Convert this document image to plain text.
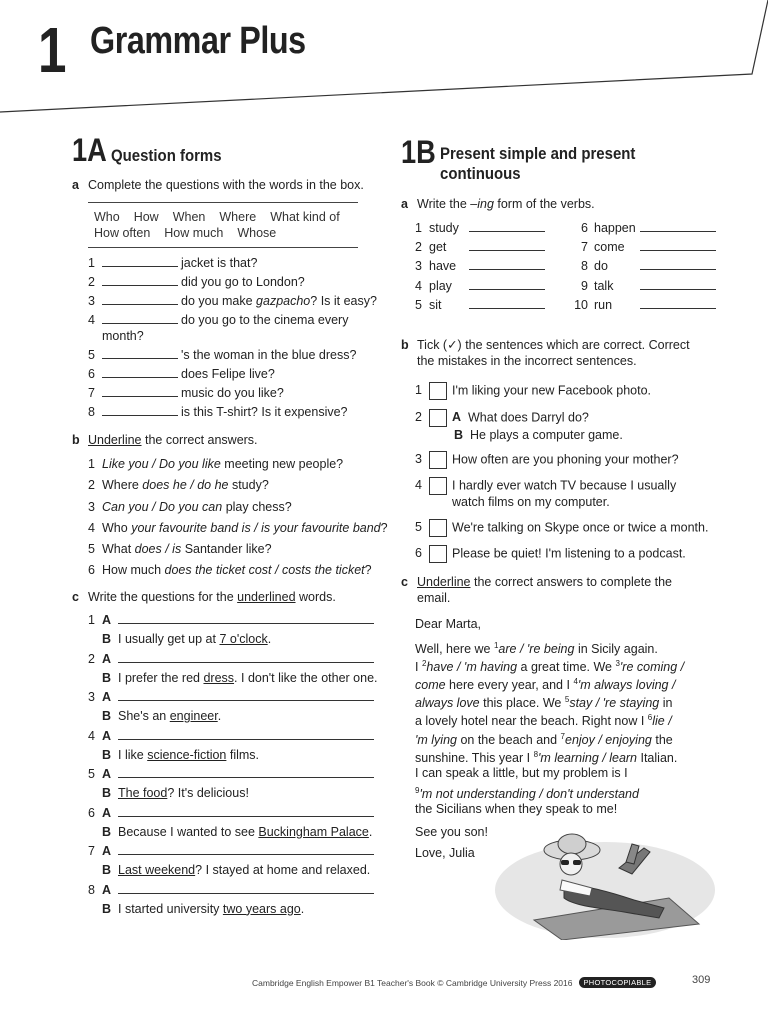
1 Grammar Plus
1A Question forms
a Complete the questions with the words in the box.
Who How When Where What kind of
How often How much Whose
1	jacket is that?
2	did you go to London?
3	do you make gazpacho? Is it easy?
4	do you go to the cinema every
month?
5	's the woman in the blue dress?
6	does Felipe live?
7	music do you like?
8	is this T-shirt? Is it expensive?
b Underline the correct answers.
1 Like you / Do you like meeting new people?
2 Where does he / do he study?
3 Can you / Do you can play chess?
4 Who your favourite band is / is your favourite band?
5 What does / is Santander like?
6 How much does the ticket cost / costs the ticket?
c Write the questions for the underlined words.
1 A
B I usually get up at 7 o'clock.
2 A
B I prefer the red dress. I don't like the other one.
3 A
B She's an engineer.
4 A
B I like science-fiction films.
5 A
B The food? It's delicious!
6 A
B Because I wanted to see Buckingham Palace.
7 A
B Last weekend? I stayed at home and relaxed.
8 A
B I started university two years ago.
1B Present simple and present
continuous
a Write the –ing form of the verbs.
1 study	6 happen
2 get	7 come
3 have	8 do
4 play	9 talk
5 sit	10 run
b Tick (✓) the sentences which are correct. Correct
the mistakes in the incorrect sentences.
1 I'm liking your new Facebook photo.
2 A What does Darryl do?
B He plays a computer game.
3 How often are you phoning your mother?
4 I hardly ever watch TV because I usually
watch films on my computer.
5 We're talking on Skype once or twice a month.
6 Please be quiet! I'm listening to a podcast.
c Underline the correct answers to complete the
email.
Dear Marta,
Well, here we $^1$are / 're being in Sicily again.
I $^2$have / 'm having a great time. We $^3$'re coming /
come here every year, and I $^4$'m always loving /
always love this place. We $^5$stay / 're staying in
a lovely hotel near the beach. Right now I $^6$lie /
'm lying on the beach and $^7$enjoy / enjoying the
sunshine. This year I $^8$'m learning / learn Italian.
I can speak a little, but my problem is I
$^9$'m not understanding / don't understand
the Sicilians when they speak to me!
See you son!
Love, Julia
Cambridge English Empower B1 Teacher's Book © Cambridge University Press 2016	PHOTOCOPIABLE	309
